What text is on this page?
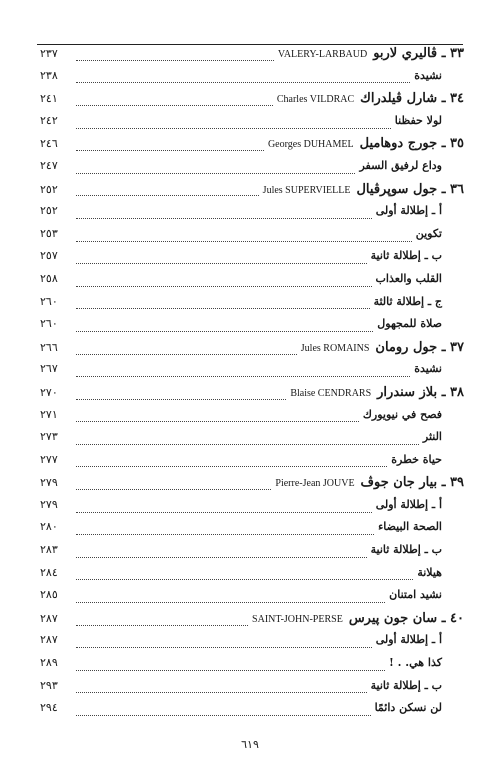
٣٣ ـ ڤاليري لاربوVALERY-LARBAUD
٢٣٧
نشيدة
٢٣٨
٣٤ ـ شارل ڤيلدراكCharles VILDRAC
٢٤١
لولا حفظنا
٢٤٢
٣٥ ـ جورج دوهاميلGeorges DUHAMEL
٢٤٦
وداع لرفيق السفر
٢٤٧
٣٦ ـ جول سوپرڤيالJules SUPERVIELLE
٢٥٢
أ ـ إطلالة أولى
٢٥٢
تكوين
٢٥٣
ب ـ إطلالة ثانية
٢٥٧
القلب والعذاب
٢٥٨
ج ـ إطلالة ثالثة
٢٦٠
صلاة للمجهول
٢٦٠
٣٧ ـ جول رومانJules ROMAINS
٢٦٦
نشيدة
٢٦٧
٣٨ ـ بلاز سندرارBlaise CENDRARS
٢٧٠
فصح في نيويورك
٢٧١
النثر
٢٧٣
حياة خطرة
٢٧٧
٣٩ ـ بيار جان جوڤPierre-Jean JOUVE
٢٧٩
أ ـ إطلالة أولى
٢٧٩
الصحة البيضاء
٢٨٠
ب ـ إطلالة ثانية
٢٨٣
هيلانة
٢٨٤
نشيد امتنان
٢٨٥
٤٠ ـ سان جون پيرسSAINT-JOHN-PERSE
٢٨٧
أ ـ إطلالة أولى
٢٨٧
كذا هي. . !
٢٨٩
ب ـ إطلالة ثانية
٢٩٣
لن نسكن دائمًا
٢٩٤
٦١٩
